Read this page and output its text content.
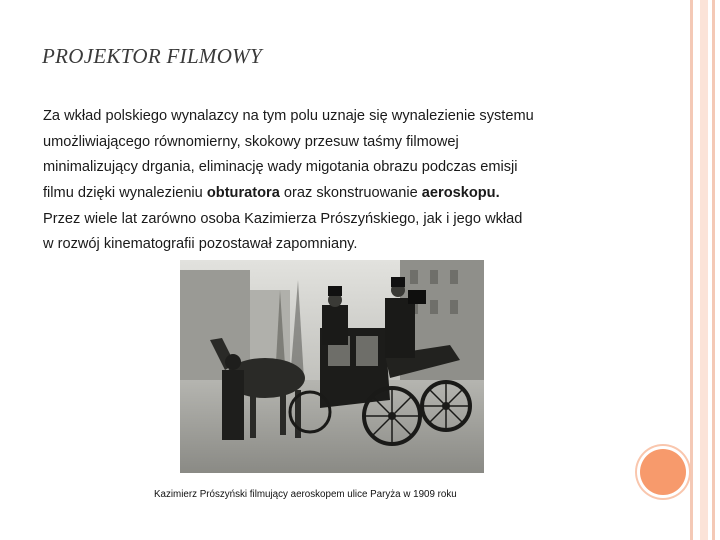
PROJEKTOR FILMOWY
Za wkład polskiego wynalazcy na tym polu uznaje się wynalezienie systemu
umożliwiającego równomierny, skokowy przesuw taśmy filmowej
minimalizujący drgania, eliminację wady migotania obrazu podczas emisji
filmu dzięki wynalezieniu obturatora oraz skonstruowanie aeroskopu.
Przez wiele lat zarówno osoba Kazimierza Prószyńskiego, jak i jego wkład
w rozwój kinematografii pozostawał zapomniany.
Kazimierz Prószyński filmujący aeroskopem ulice Paryża w 1909 roku
